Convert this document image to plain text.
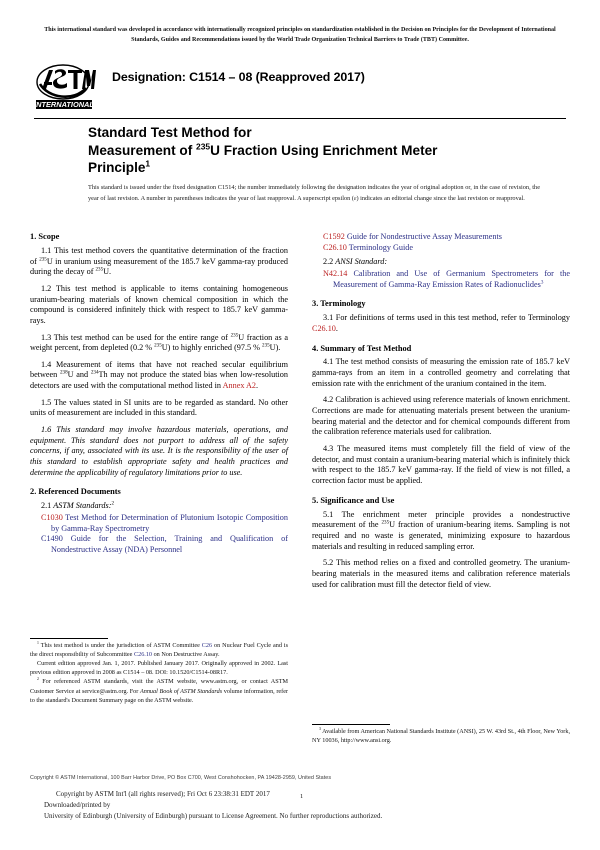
This international standard was developed in accordance with internationally recognized principles on standardization established in the Decision on Principles for the Development of International Standards, Guides and Recommendations issued by the World Trade Organization Technical Barriers to Trade (TBT) Committee.
INTERNATIONAL
Designation: C1514 – 08 (Reapproved 2017)
Standard Test Method for
Measurement of $^{235}$U Fraction Using Enrichment Meter
Principle$^1$
This standard is issued under the fixed designation C1514; the number immediately following the designation indicates the year of original adoption or, in the case of revision, the year of last revision. A number in parentheses indicates the year of last reapproval. A superscript epsilon (ε) indicates an editorial change since the last revision or reapproval.
1. Scope

1.1 This test method covers the quantitative determination of the fraction of $^{235}$U in uranium using measurement of the 185.7 keV gamma-ray produced during the decay of $^{235}$U.

1.2 This test method is applicable to items containing homogeneous uranium-bearing materials of known chemical composition in which the compound is considered infinitely thick with respect to 185.7 keV gamma-rays.

1.3 This test method can be used for the entire range of $^{235}$U fraction as a weight percent, from depleted (0.2 % $^{235}$U) to highly enriched (97.5 % $^{235}$U).

1.4 Measurement of items that have not reached secular equilibrium between $^{238}$U and $^{234}$Th may not produce the stated bias when low-resolution detectors are used with the computational method listed in Annex A2.

1.5 The values stated in SI units are to be regarded as standard. No other units of measurement are included in this standard.

1.6 This standard may involve hazardous materials, operations, and equipment. This standard does not purport to address all of the safety concerns, if any, associated with its use. It is the responsibility of the user of this standard to establish appropriate safety and health practices and determine the applicability of regulatory limitations prior to use.

2. Referenced Documents

2.1 ASTM Standards:$^2$

C1030 Test Method for Determination of Plutonium Isotopic Composition by Gamma-Ray Spectrometry

C1490 Guide for the Selection, Training and Qualification of Nondestructive Assay (NDA) Personnel

C1592 Guide for Nondestructive Assay Measurements

C26.10 Terminology Guide

2.2 ANSI Standard:

N42.14 Calibration and Use of Germanium Spectrometers for the Measurement of Gamma-Ray Emission Rates of Radionuclides$^3$

3. Terminology

3.1 For definitions of terms used in this test method, refer to Terminology C26.10.

4. Summary of Test Method

4.1 The test method consists of measuring the emission rate of 185.7 keV gamma-rays from an item in a controlled geometry and correlating that emission rate with the enrichment of the uranium contained in the item.

4.2 Calibration is achieved using reference materials of known enrichment. Corrections are made for attenuating materials present between the uranium-bearing material and the detector and for chemical compounds different from the calibration reference materials used for calibration.

4.3 The measured items must completely fill the field of view of the detector, and must contain a uranium-bearing material which is infinitely thick with respect to the 185.7 keV gamma-ray. If the field of view is not filled, a correction factor must be applied.

5. Significance and Use

5.1 The enrichment meter principle provides a nondestructive measurement of the $^{235}$U fraction of uranium-bearing items. Sampling is not required and no waste is generated, minimizing exposure to hazardous materials and resulting in reduced sampling error.

5.2 This method relies on a fixed and controlled geometry. The uranium-bearing materials in the measured items and calibration reference materials used for calibration must fill the detector field of view.

$^1$ This test method is under the jurisdiction of ASTM Committee C26 on Nuclear Fuel Cycle and is the direct responsibility of Subcommittee C26.10 on Non Destructive Assay.

Current edition approved Jan. 1, 2017. Published January 2017. Originally approved in 2002. Last previous edition approved in 2008 as C1514 – 08. DOI: 10.1520/C1514-08R17.

$^2$ For referenced ASTM standards, visit the ASTM website, www.astm.org, or contact ASTM Customer Service at service@astm.org. For Annual Book of ASTM Standards volume information, refer to the standard's Document Summary page on the ASTM website.

$^3$ Available from American National Standards Institute (ANSI), 25 W. 43rd St., 4th Floor, New York, NY 10036, http://www.ansi.org.

Copyright © ASTM International, 100 Barr Harbor Drive, PO Box C700, West Conshohocken, PA 19428-2959, United States
Copyright by ASTM Int'l (all rights reserved); Fri Oct 6 23:38:31 EDT 2017
Downloaded/printed by
University of Edinburgh (University of Edinburgh) pursuant to License Agreement. No further reproductions authorized.
1
